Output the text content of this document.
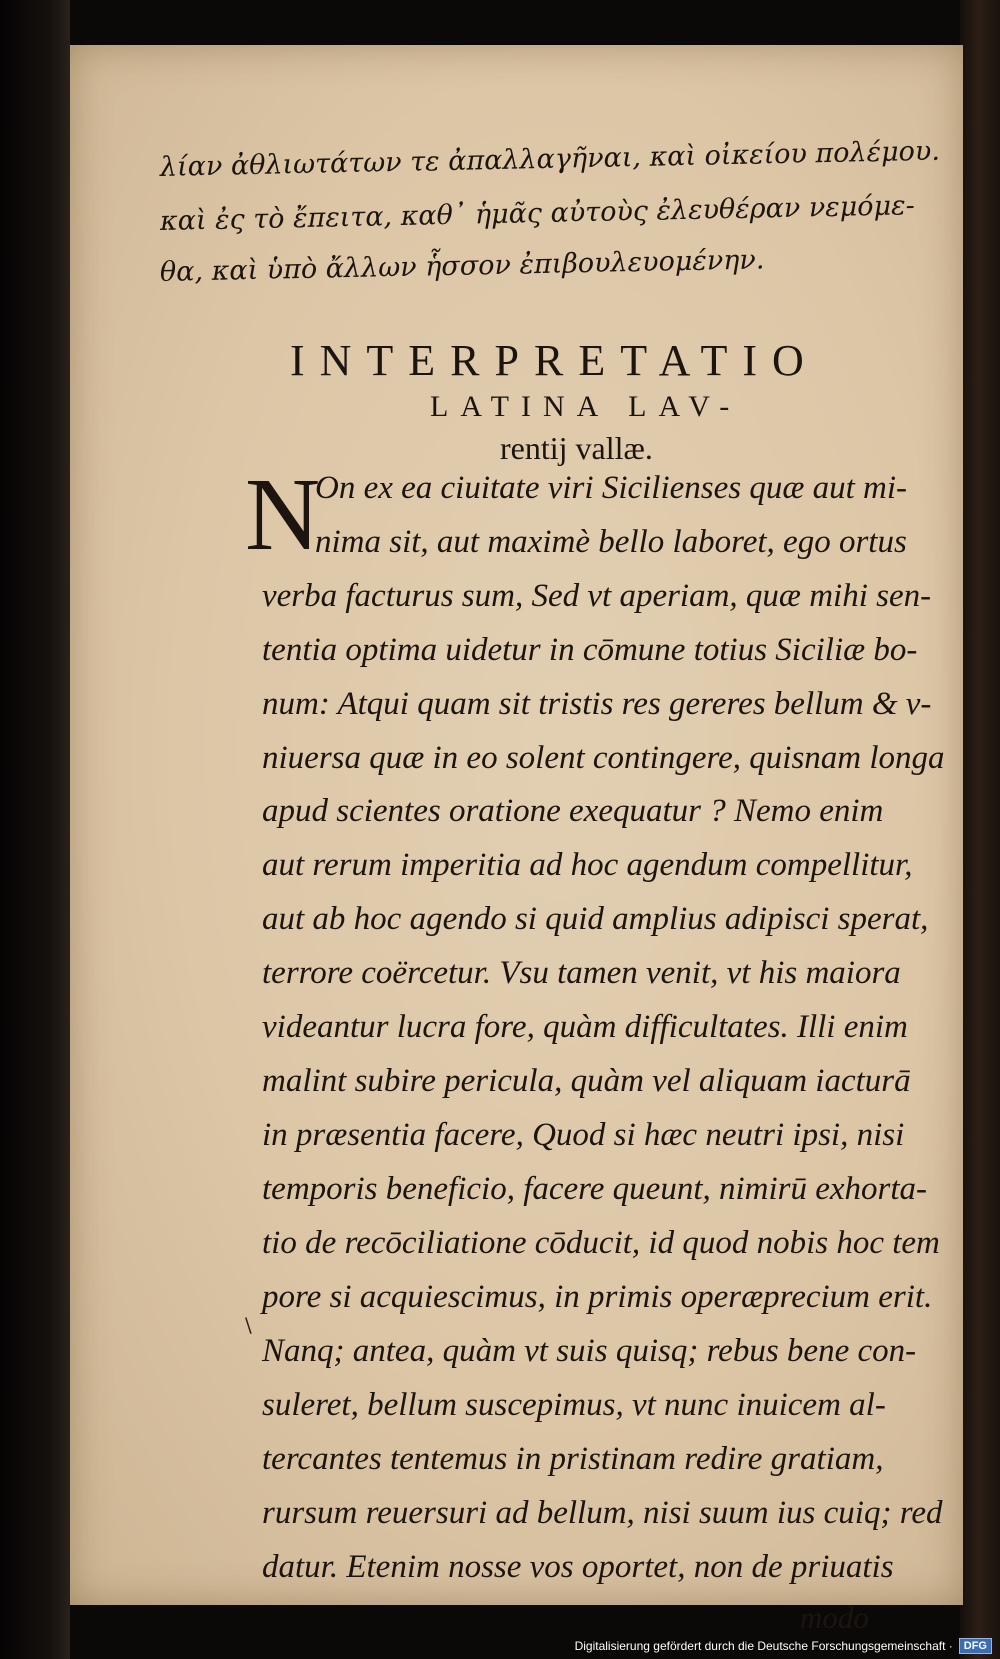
λίαν ἀθλιωτάτων τε ἀπαλλαγῆναι, καὶ οἰκείου πολέμου.
καὶ ἐς τὸ ἔπειτα, καθ᾿ ἡμᾶς αὐτοὺς ἐλευθέραν νεμόμε-
θα, καὶ ὑπὸ ἄλλων ἧσσον ἐπιβουλευομένην.
INTERPRETATIO
LATINA LAV-
rentij vallæ.
N
On ex ea ciuitate viri Sicilienses quæ aut mi-
nima sit, aut maximè bello laboret, ego ortus
verba facturus sum, Sed vt aperiam, quæ mihi sen-
tentia optima uidetur in cōmune totius Siciliæ bo-
num: Atqui quam sit tristis res gereres bellum & v-
niuersa quæ in eo solent contingere, quisnam longa
apud scientes oratione exequatur ? Nemo enim
aut rerum imperitia ad hoc agendum compellitur,
aut ab hoc agendo si quid amplius adipisci sperat,
terrore coërcetur. Vsu tamen venit, vt his maiora
videantur lucra fore, quàm difficultates. Illi enim
malint subire pericula, quàm vel aliquam iacturā
in præsentia facere, Quod si hæc neutri ipsi, nisi
temporis beneficio, facere queunt, nimirū exhorta-
tio de recōciliatione cōducit, id quod nobis hoc tem
pore si acquiescimus, in primis operæprecium erit.
Nanq; antea, quàm vt suis quisq; rebus bene con-
suleret, bellum suscepimus, vt nunc inuicem al-
tercantes tentemus in pristinam redire gratiam,
rursum reuersuri ad bellum, nisi suum ius cuiq; red
datur. Etenim nosse vos oportet, non de priuatis
modo
\
Digitalisierung gefördert durch die Deutsche Forschungsgemeinschaft ·	DFG
